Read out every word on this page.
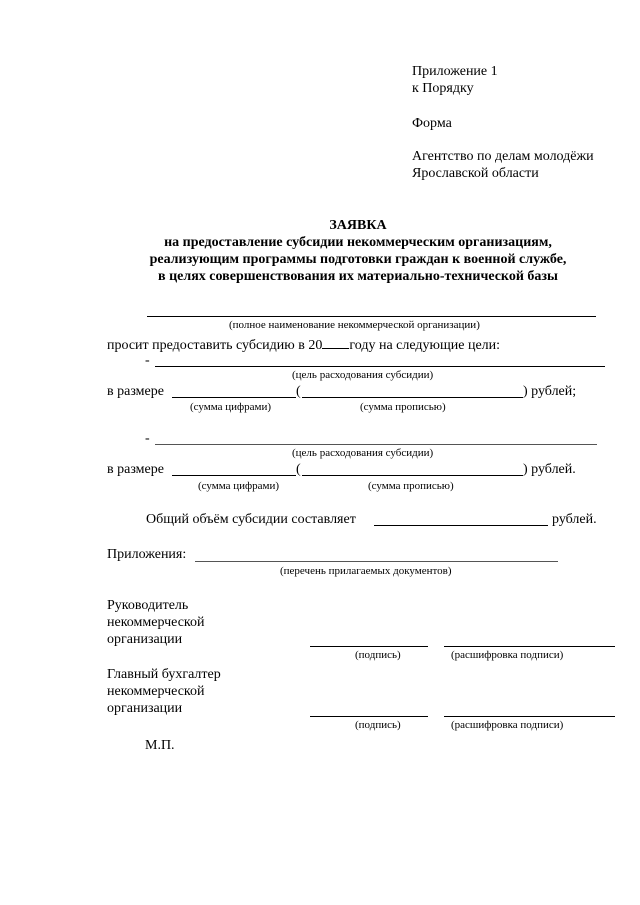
Приложение 1
к Порядку
Форма
Агентство по делам молодёжи
Ярославской области
ЗАЯВКА
на предоставление субсидии некоммерческим организациям,
реализующим программы подготовки граждан к военной службе,
в целях совершенствования их материально-технической базы
(полное наименование некоммерческой организации)
просит предоставить субсидию в 20 году на следующие цели:
-
(цель расходования субсидии)
в размере	(	) рублей;
(сумма цифрами)	(сумма прописью)
-
(цель расходования субсидии)
в размере	(	) рублей.
(сумма цифрами)	(сумма прописью)
Общий объём субсидии составляет	рублей.
Приложения:
(перечень прилагаемых документов)
Руководитель
некоммерческой
организации
(подпись)	(расшифровка подписи)
Главный бухгалтер
некоммерческой
организации
(подпись)	(расшифровка подписи)
М.П.
